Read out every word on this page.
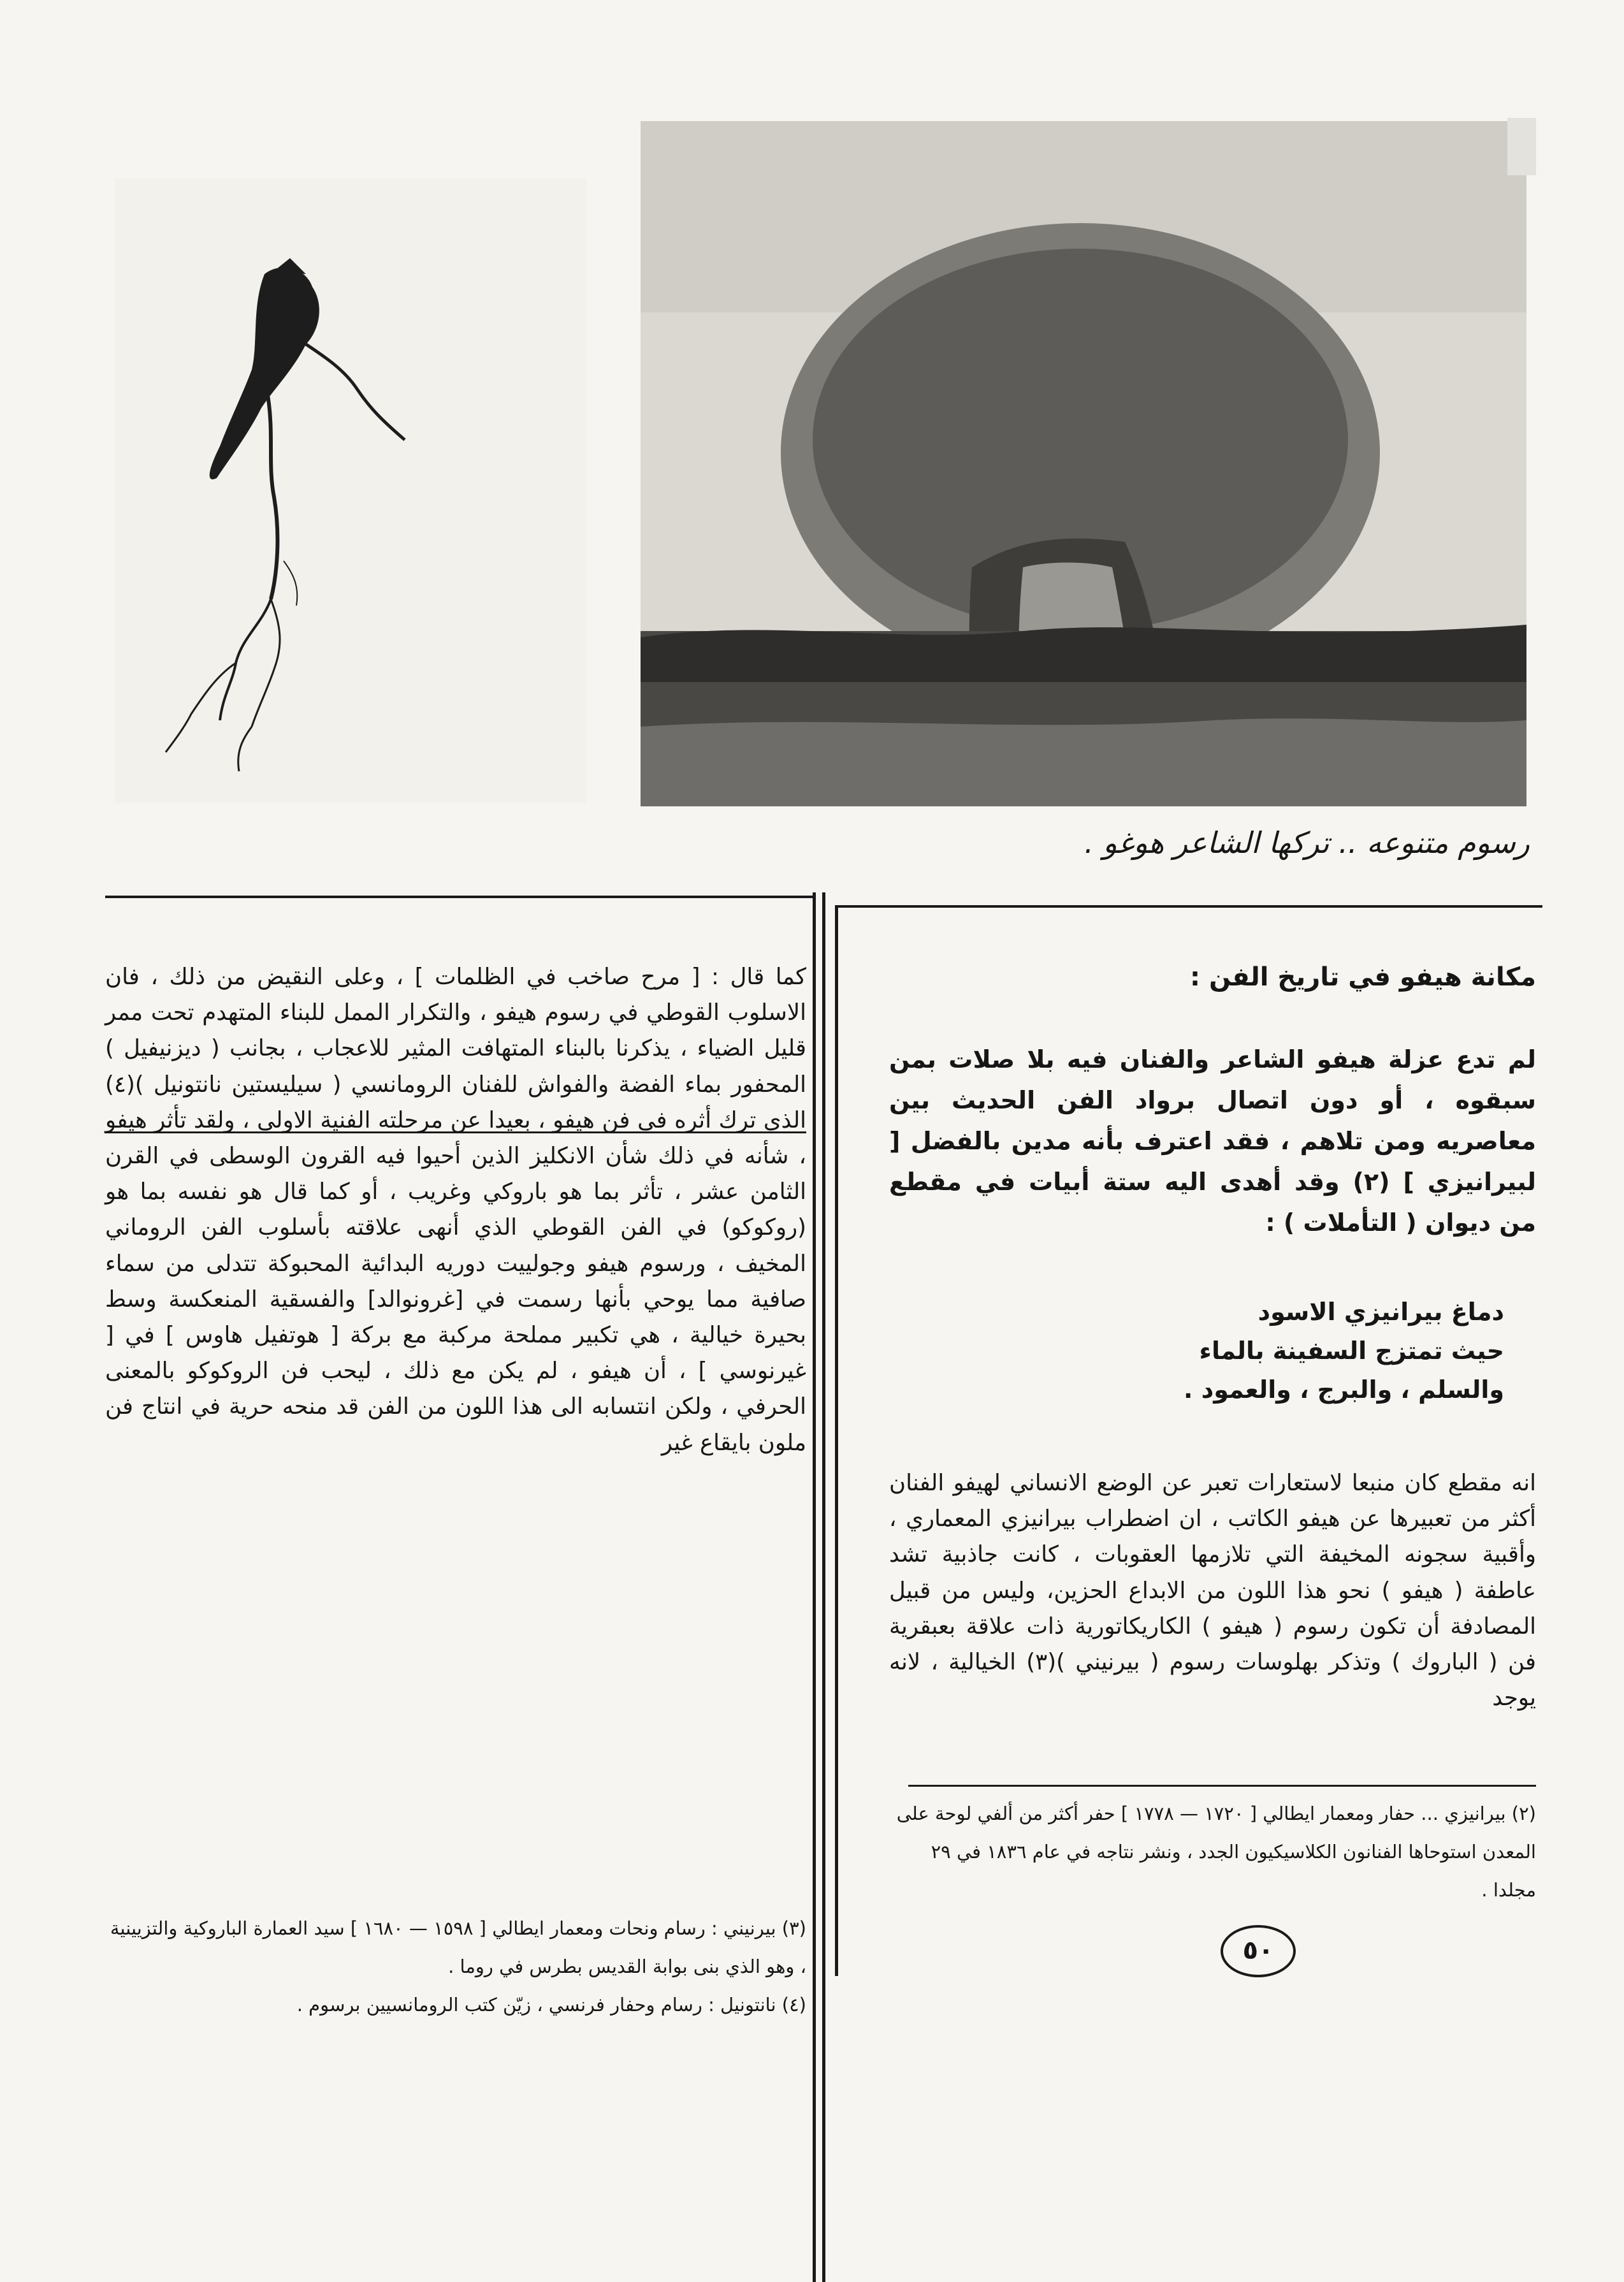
رسوم متنوعه .. تركها الشاعر هوغو .

كما قال : [ مرح صاخب في الظلمات ] ، وعلى النقيض من ذلك ، فان الاسلوب القوطي في رسوم هيفو ، والتكرار الممل للبناء المتهدم تحت ممر قليل الضياء ، يذكرنا بالبناء المتهافت المثير للاعجاب ، بجانب ( ديزنيفيل ) المحفور بماء الفضة والفواش للفنان الرومانسي ( سيليستين نانتونيل )(٤) الذي ترك أثره في فن هيفو ، بعيدا عن مرحلته الفنية الاولى ، ولقد تأثر هيفو ، شأنه في ذلك شأن الانكليز الذين أحيوا فيه القرون الوسطى في القرن الثامن عشر ، تأثر بما هو باروكي وغريب ، أو كما قال هو نفسه بما هو (روكوكو) في الفن القوطي الذي أنهى علاقته بأسلوب الفن الروماني المخيف ، ورسوم هيفو وجولييت دوريه البدائية المحبوكة تتدلى من سماء صافية مما يوحي بأنها رسمت في [غرونوالد] والفسقية المنعكسة وسط بحيرة خيالية ، هي تكبير مملحة مركبة مع بركة [ هوتفيل هاوس ] في [ غيرنوسي ] ، أن هيفو ، لم يكن مع ذلك ، ليحب فن الروكوكو بالمعنى الحرفي ، ولكن انتسابه الى هذا اللون من الفن قد منحه حرية في انتاج فن ملون بايقاع غير

(٣) بيرنيني : رسام ونحات ومعمار ايطالي [ ١٥٩٨ — ١٦٨٠ ] سيد العمارة الباروكية والتزيينية ، وهو الذي بنى بوابة القديس بطرس في روما .

(٤) نانتونيل : رسام وحفار فرنسي ، زيّن كتب الرومانسيين برسوم .

مكانة هيفو في تاريخ الفن :

لم تدع عزلة هيفو الشاعر والفنان فيه بلا صلات بمن سبقوه ، أو دون اتصال برواد الفن الحديث بين معاصريه ومن تلاهم ، فقد اعترف بأنه مدين بالفضل [ لبيرانيزي ] (٢) وقد أهدى اليه ستة أبيات في مقطع من ديوان ( التأملات ) :

دماغ بيرانيزي الاسود

حيث تمتزج السفينة بالماء

والسلم ، والبرج ، والعمود .

انه مقطع كان منبعا لاستعارات تعبر عن الوضع الانساني لهيفو الفنان أكثر من تعبيرها عن هيفو الكاتب ، ان اضطراب بيرانيزي المعماري ، وأقبية سجونه المخيفة التي تلازمها العقوبات ، كانت جاذبية تشد عاطفة ( هيفو ) نحو هذا اللون من الابداع الحزين، وليس من قبيل المصادفة أن تكون رسوم ( هيفو ) الكاريكاتورية ذات علاقة بعبقرية فن ( الباروك ) وتذكر بهلوسات رسوم ( بيرنيني )(٣) الخيالية ، لانه يوجد

(٢) بيرانيزي ... حفار ومعمار ايطالي [ ١٧٢٠ — ١٧٧٨ ] حفر أكثر من ألفي لوحة على المعدن استوحاها الفنانون الكلاسيكيون الجدد ، ونشر نتاجه في عام ١٨٣٦ في ٢٩ مجلدا .

٥٠
